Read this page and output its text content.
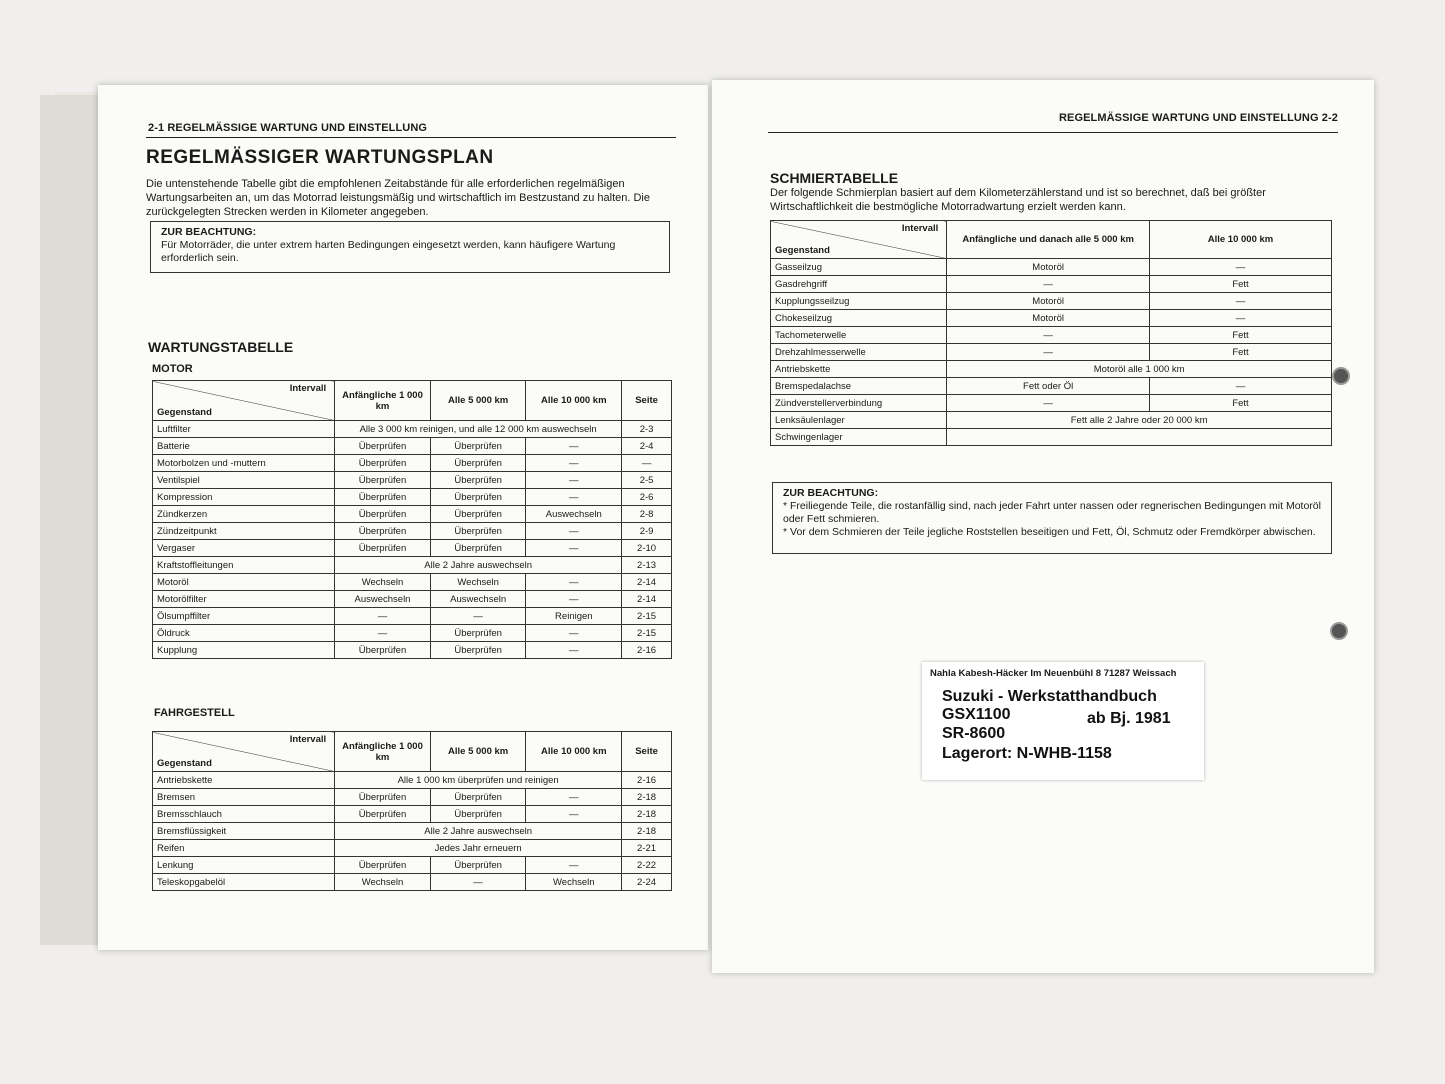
2-1 REGELMÄSSIGE WARTUNG UND EINSTELLUNG
REGELMÄSSIGER WARTUNGSPLAN
Die untenstehende Tabelle gibt die empfohlenen Zeitabstände für alle erforderlichen regelmäßigen Wartungsarbeiten an, um das Motorrad leistungsmäßig und wirtschaftlich im Bestzustand zu halten. Die zurückgelegten Strecken werden in Kilometer angegeben.
ZUR BEACHTUNG:
Für Motorräder, die unter extrem harten Bedingungen eingesetzt werden, kann häufigere Wartung erforderlich sein.
WARTUNGSTABELLE
MOTOR
Intervall
Gegenstand	Anfängliche 1 000 km	Alle 5 000 km	Alle 10 000 km	Seite
Luftfilter	Alle 3 000 km reinigen, und alle 12 000 km auswechseln			2-3
Batterie	Überprüfen	Überprüfen	—	2-4
Motorbolzen und -muttern	Überprüfen	Überprüfen	—	—
Ventilspiel	Überprüfen	Überprüfen	—	2-5
Kompression	Überprüfen	Überprüfen	—	2-6
Zündkerzen	Überprüfen	Überprüfen	Auswechseln	2-8
Zündzeitpunkt	Überprüfen	Überprüfen	—	2-9
Vergaser	Überprüfen	Überprüfen	—	2-10
Kraftstoffleitungen	Alle 2 Jahre auswechseln			2-13
Motoröl	Wechseln	Wechseln	—	2-14
Motorölfilter	Auswechseln	Auswechseln	—	2-14
Ölsumpffilter	—	—	Reinigen	2-15
Öldruck	—	Überprüfen	—	2-15
Kupplung	Überprüfen	Überprüfen	—	2-16
FAHRGESTELL
Intervall
Gegenstand	Anfängliche 1 000 km	Alle 5 000 km	Alle 10 000 km	Seite
Antriebskette	Alle 1 000 km überprüfen und reinigen			2-16
Bremsen	Überprüfen	Überprüfen	—	2-18
Bremsschlauch	Überprüfen	Überprüfen	—	2-18
Bremsflüssigkeit	Alle 2 Jahre auswechseln			2-18
Reifen	Jedes Jahr erneuern			2-21
Lenkung	Überprüfen	Überprüfen	—	2-22
Teleskopgabelöl	Wechseln	—	Wechseln	2-24
REGELMÄSSIGE WARTUNG UND EINSTELLUNG 2-2
SCHMIERTABELLE
Der folgende Schmierplan basiert auf dem Kilometerzählerstand und ist so berechnet, daß bei größter Wirtschaftlichkeit die bestmögliche Motorradwartung erzielt werden kann.
Intervall
Gegenstand	Anfängliche und danach alle 5 000 km	Alle 10 000 km
Gasseilzug	Motoröl	—
Gasdrehgriff	—	Fett
Kupplungsseilzug	Motoröl	—
Chokeseilzug	Motoröl	—
Tachometerwelle	—	Fett
Drehzahlmesserwelle	—	Fett
Antriebskette	Motoröl alle 1 000 km	
Bremspedalachse	Fett oder Öl	—
Zündverstellerverbindung	—	Fett
Lenksäulenlager	Fett alle 2 Jahre oder 20 000 km	
Schwingenlager		
ZUR BEACHTUNG:
* Freiliegende Teile, die rostanfällig sind, nach jeder Fahrt unter nassen oder regnerischen Bedingungen mit Motoröl oder Fett schmieren.
* Vor dem Schmieren der Teile jegliche Roststellen beseitigen und Fett, Öl, Schmutz oder Fremdkörper abwischen.
Nahla Kabesh-Häcker Im Neuenbühl 8 71287 Weissach
Suzuki - Werkstatthandbuch
GSX1100	ab Bj. 1981
SR-8600
Lagerort: N-WHB-1158
